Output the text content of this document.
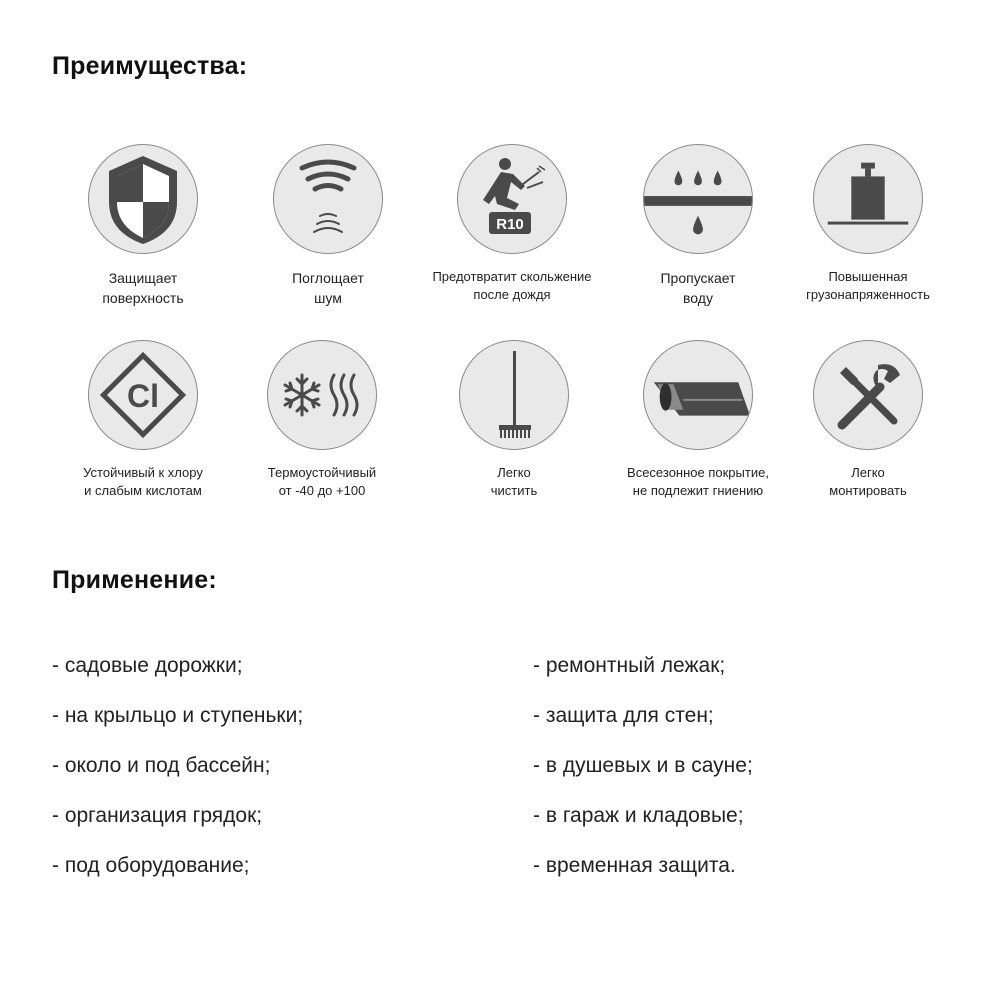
Преимущества:
Защищает
поверхность
Поглощает
шум
R10
Предотвратит скольжение
после дождя
Пропускает
воду
Повышенная
грузонапряженность
Cl
Устойчивый к хлору
и слабым кислотам
Термоустойчивый
от -40 до +100
Легко
чистить
Всесезонное покрытие,
не подлежит гниению
Легко
монтировать
Применение:
- садовые дорожки;
- на крыльцо и ступеньки;
- около и под бассейн;
- организация грядок;
- под оборудование;
- ремонтный лежак;
- защита для стен;
- в душевых и в сауне;
- в гараж и кладовые;
- временная защита.
